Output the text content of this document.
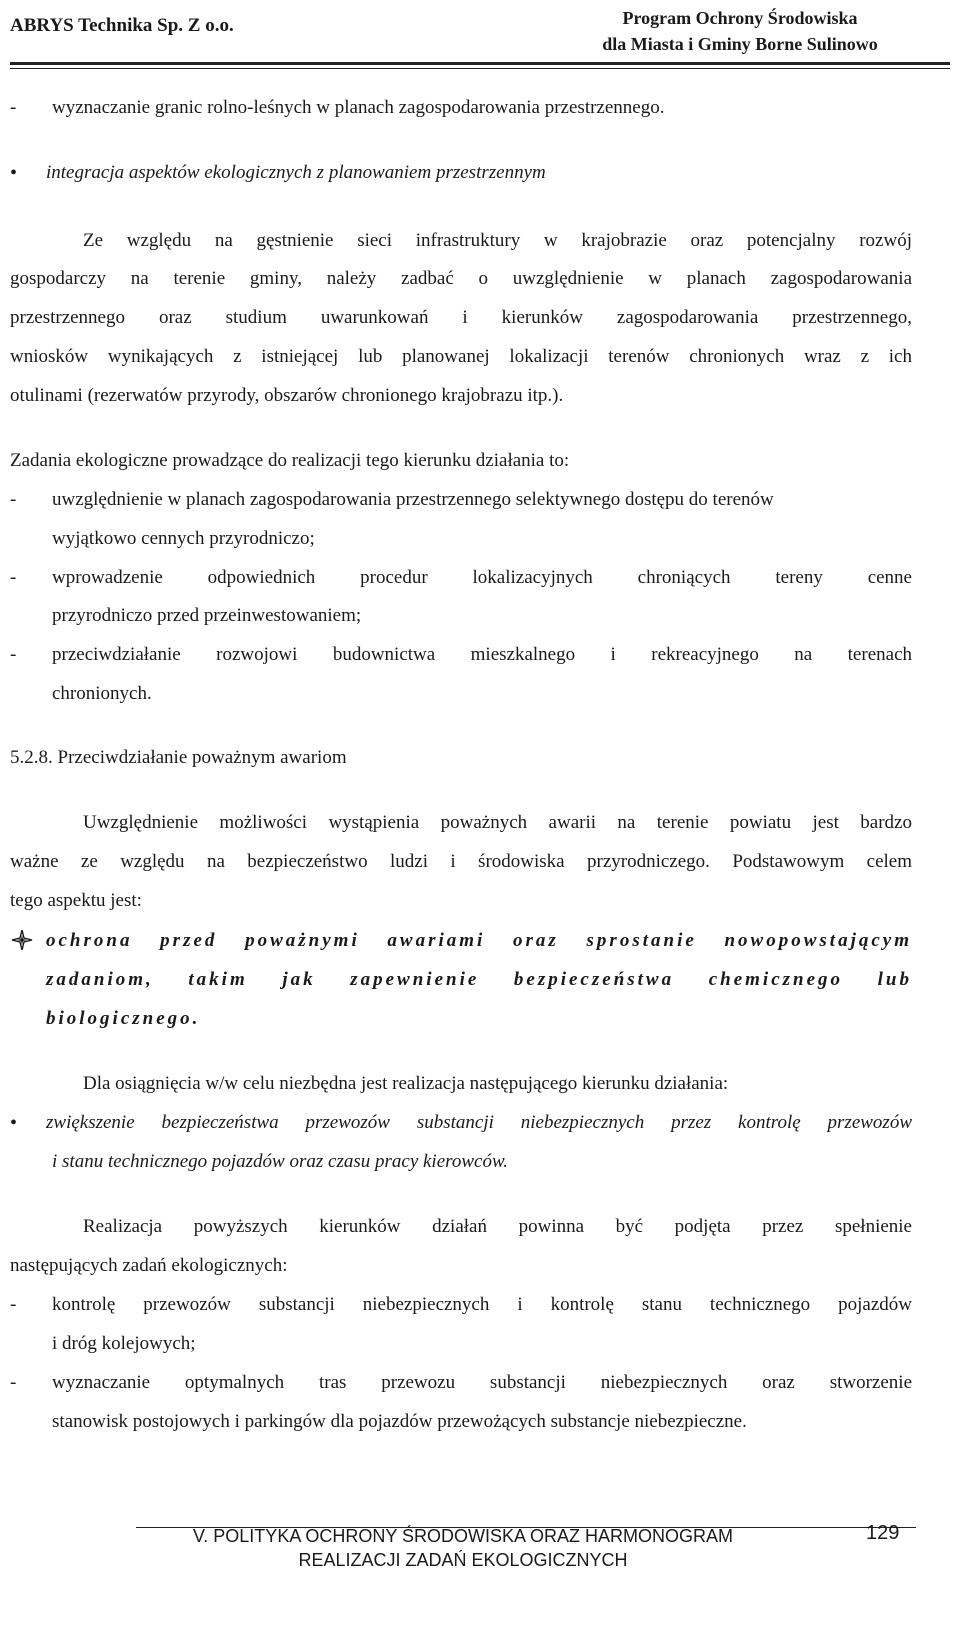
ABRYS Technika Sp. Z o.o.	Program Ochrony Środowiska
dla Miasta i Gminy Borne Sulinowo
- wyznaczanie granic rolno-leśnych w planach zagospodarowania przestrzennego.
• integracja aspektów ekologicznych z planowaniem przestrzennym
Ze względu na gęstnienie sieci infrastruktury w krajobrazie oraz potencjalny rozwój
gospodarczy na terenie gminy, należy zadbać o uwzględnienie w planach zagospodarowania
przestrzennego oraz studium uwarunkowań i kierunków zagospodarowania przestrzennego,
wniosków wynikających z istniejącej lub planowanej lokalizacji terenów chronionych wraz z ich
otulinami (rezerwatów przyrody, obszarów chronionego krajobrazu itp.).
Zadania ekologiczne prowadzące do realizacji tego kierunku działania to:
- uwzględnienie w planach zagospodarowania przestrzennego selektywnego dostępu do terenów
wyjątkowo cennych przyrodniczo;
- wprowadzenie odpowiednich procedur lokalizacyjnych chroniących tereny cenne
przyrodniczo przed przeinwestowaniem;
- przeciwdziałanie rozwojowi budownictwa mieszkalnego i rekreacyjnego na terenach
chronionych.
5.2.8. Przeciwdziałanie poważnym awariom
Uwzględnienie możliwości wystąpienia poważnych awarii na terenie powiatu jest bardzo
ważne ze względu na bezpieczeństwo ludzi i środowiska przyrodniczego. Podstawowym celem
tego aspektu jest:
ochrona przed poważnymi awariami oraz sprostanie nowopowstającym
zadaniom, takim jak zapewnienie bezpieczeństwa chemicznego lub
biologicznego.
Dla osiągnięcia w/w celu niezbędna jest realizacja następującego kierunku działania:
• zwiększenie bezpieczeństwa przewozów substancji niebezpiecznych przez kontrolę przewozów
i stanu technicznego pojazdów oraz czasu pracy kierowców.
Realizacja powyższych kierunków działań powinna być podjęta przez spełnienie
następujących zadań ekologicznych:
- kontrolę przewozów substancji niebezpiecznych i kontrolę stanu technicznego pojazdów
i dróg kolejowych;
- wyznaczanie optymalnych tras przewozu substancji niebezpiecznych oraz stworzenie
stanowisk postojowych i parkingów dla pojazdów przewożących substancje niebezpieczne.
V. POLITYKA OCHRONY ŚRODOWISKA ORAZ HARMONOGRAM
REALIZACJI ZADAŃ EKOLOGICZNYCH
129
